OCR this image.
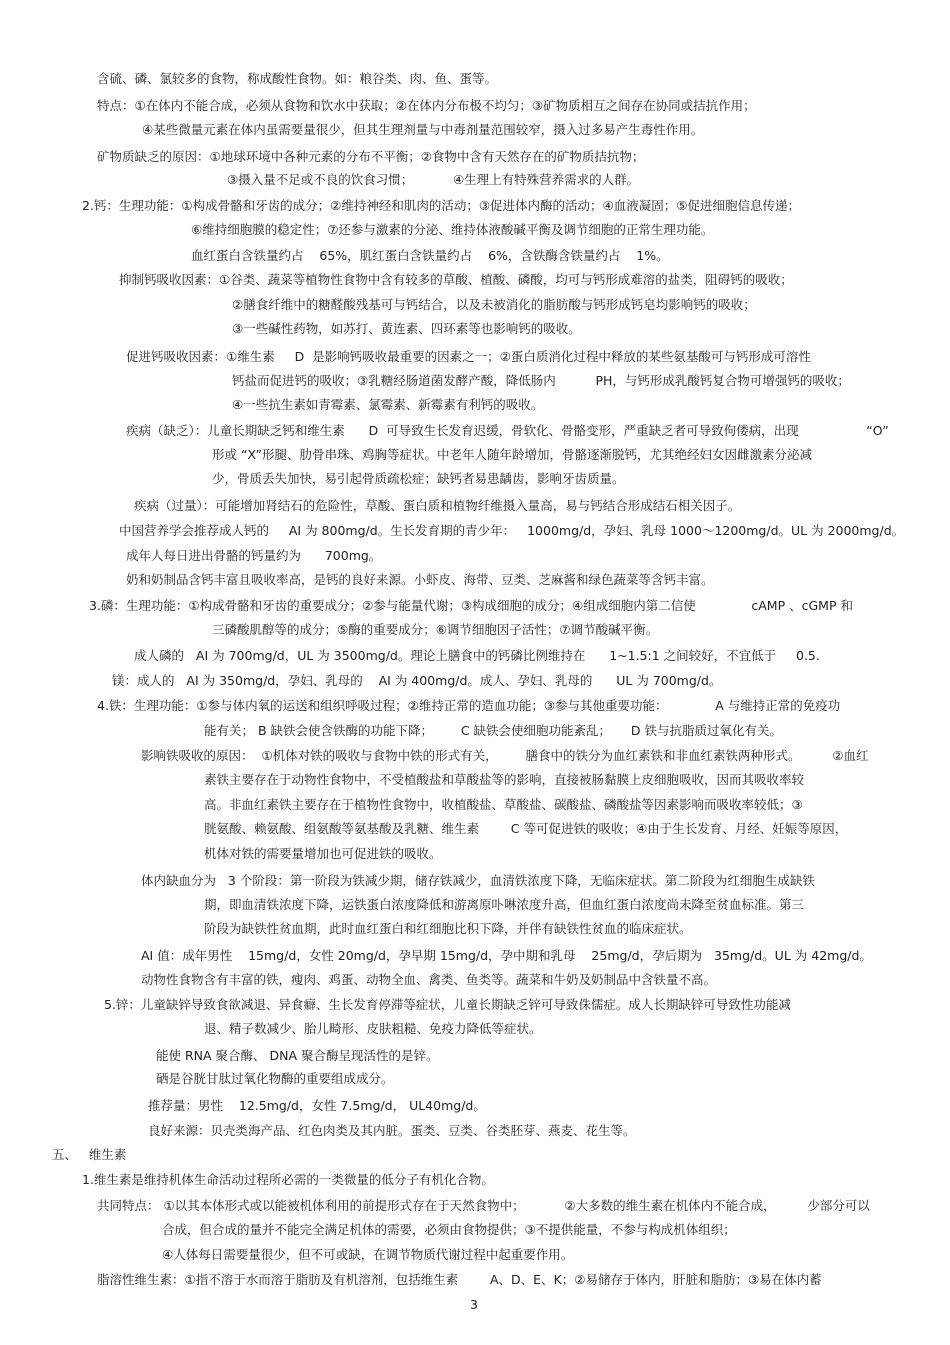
含硫、磷、氯较多的食物，称成酸性食物。如：粮谷类、肉、鱼、蛋等。
特点：①在体内不能合成，必须从食物和饮水中获取；②在体内分布极不均匀；③矿物质相互之间存在协同或拮抗作用；
④某些微量元素在体内虽需要量很少，但其生理剂量与中毒剂量范围较窄，摄入过多易产生毒性作用。
矿物质缺乏的原因：①地球环境中各种元素的分布不平衡；②食物中含有天然存在的矿物质拮抗物；
③摄入量不足或不良的饮食习惯；          ④生理上有特殊营养需求的人群。
2.钙：生理功能：①构成骨骼和牙齿的成分；②维持神经和肌肉的活动；③促进体内酶的活动；④血液凝固；⑤促进细胞信息传递；
⑥维持细胞膜的稳定性；⑦还参与激素的分泌、维持体液酸碱平衡及调节细胞的正常生理功能。
血红蛋白含铁量约占    65%，肌红蛋白含铁量约占    6%，含铁酶含铁量约占    1%。
抑制钙吸收因素：①谷类、蔬菜等植物性食物中含有较多的草酸、植酸、磷酸，均可与钙形成难溶的盐类，阻碍钙的吸收；
②膳食纤维中的糖醛酸残基可与钙结合，以及未被消化的脂肪酸与钙形成钙皂均影响钙的吸收；
③一些碱性药物，如苏打、黄连素、四环素等也影响钙的吸收。
促进钙吸收因素：①维生素     D  是影响钙吸收最重要的因素之一；②蛋白质消化过程中释放的某些氨基酸可与钙形成可溶性
钙盐而促进钙的吸收；③乳糖经肠道菌发酵产酸，降低肠内          PH，与钙形成乳酸钙复合物可增强钙的吸收；
④一些抗生素如青霉素、氯霉素、新霉素有利钙的吸收。
疾病（缺乏）：儿童长期缺乏钙和维生素      D  可导致生长发育迟缓，骨软化、骨骼变形，严重缺乏者可导致佝偻病，出现                 “O”
形或 “X”形腿、肋骨串珠、鸡胸等症状。中老年人随年龄增加，骨骼逐渐脱钙，尤其绝经妇女因雌激素分泌减
少，骨质丢失加快，易引起骨质疏松症；缺钙者易患龋齿，影响牙齿质量。
疾病（过量）：可能增加肾结石的危险性，草酸、蛋白质和植物纤维摄入量高，易与钙结合形成结石相关因子。
中国营养学会推荐成人钙的     AI 为 800mg/d。生长发育期的青少年：   1000mg/d，孕妇、乳母 1000～1200mg/d。UL 为 2000mg/d。
成年人每日进出骨骼的钙量约为      700mg。
奶和奶制品含钙丰富且吸收率高，是钙的良好来源。小虾皮、海带、豆类、芝麻酱和绿色蔬菜等含钙丰富。
3.磷：生理功能：①构成骨骼和牙齿的重要成分；②参与能量代谢；③构成细胞的成分；④组成细胞内第二信使              cAMP 、cGMP 和
三磷酸肌醇等的成分；⑤酶的重要成分；⑥调节细胞因子活性；⑦调节酸碱平衡。
成人磷的   AI 为 700mg/d，UL 为 3500mg/d。理论上膳食中的钙磷比例维持在      1~1.5:1 之间较好，不宜低于     0.5.
镁：成人的   AI 为 350mg/d，孕妇、乳母的    AI 为 400mg/d。成人、孕妇、乳母的      UL 为 700mg/d。
4.铁：生理功能：①参与体内氧的运送和组织呼吸过程；②维持正常的造血功能；③参与其他重要功能：            A 与维持正常的免疫功
能有关； B 缺铁会使含铁酶的功能下降；       C 缺铁会使细胞功能紊乱；     D 铁与抗脂质过氧化有关。
影响铁吸收的原因：  ①机体对铁的吸收与食物中铁的形式有关，       膳食中的铁分为血红素铁和非血红素铁两种形式。        ②血红
素铁主要存在于动物性食物中，不受植酸盐和草酸盐等的影响，直接被肠黏膜上皮细胞吸收，因而其吸收率较
高。非血红素铁主要存在于植物性食物中，收植酸盐、草酸盐、碳酸盐、磷酸盐等因素影响而吸收率较低；③
胱氨酸、赖氨酸、组氨酸等氨基酸及乳糖、维生素        C 等可促进铁的吸收；④由于生长发育、月经、妊娠等原因，
机体对铁的需要量增加也可促进铁的吸收。
体内缺血分为   3 个阶段：第一阶段为铁减少期，储存铁减少，血清铁浓度下降，无临床症状。第二阶段为红细胞生成缺铁
期，即血清铁浓度下降，运铁蛋白浓度降低和游离原卟啉浓度升高，但血红蛋白浓度尚未降至贫血标准。第三
阶段为缺铁性贫血期，此时血红蛋白和红细胞比积下降，并伴有缺铁性贫血的临床症状。
AI 值：成年男性    15mg/d，女性 20mg/d，孕早期 15mg/d，孕中期和乳母    25mg/d，孕后期为   35mg/d。UL 为 42mg/d。
动物性食物含有丰富的铁，瘦肉、鸡蛋、动物全血、禽类、鱼类等。蔬菜和牛奶及奶制品中含铁量不高。
5.锌：儿童缺锌导致食欲减退、异食癖、生长发育停滞等症状，儿童长期缺乏锌可导致侏儒症。成人长期缺锌可导致性功能减
退、精子数减少、胎儿畸形、皮肤粗糙、免疫力降低等症状。
能使 RNA 聚合酶、 DNA 聚合酶呈现活性的是锌。
硒是谷胱甘肽过氧化物酶的重要组成成分。
推荐量：男性    12.5mg/d，女性 7.5mg/d， UL40mg/d。
良好来源：贝壳类海产品、红色肉类及其内脏。蛋类、豆类、谷类胚芽、燕麦、花生等。
五、   维生素
1.维生素是维持机体生命活动过程所必需的一类微量的低分子有机化合物。
共同特点： ①以其本体形式或以能被机体利用的前提形式存在于天然食物中；          ②大多数的维生素在机体内不能合成，        少部分可以
合成，但合成的量并不能完全满足机体的需要，必须由食物提供；③不提供能量，不参与构成机体组织；
④人体每日需要量很少，但不可或缺，在调节物质代谢过程中起重要作用。
脂溶性维生素：①指不溶于水而溶于脂肪及有机溶剂，包括维生素        A、D、E、K；②易储存于体内，肝脏和脂肪；③易在体内蓄
3
